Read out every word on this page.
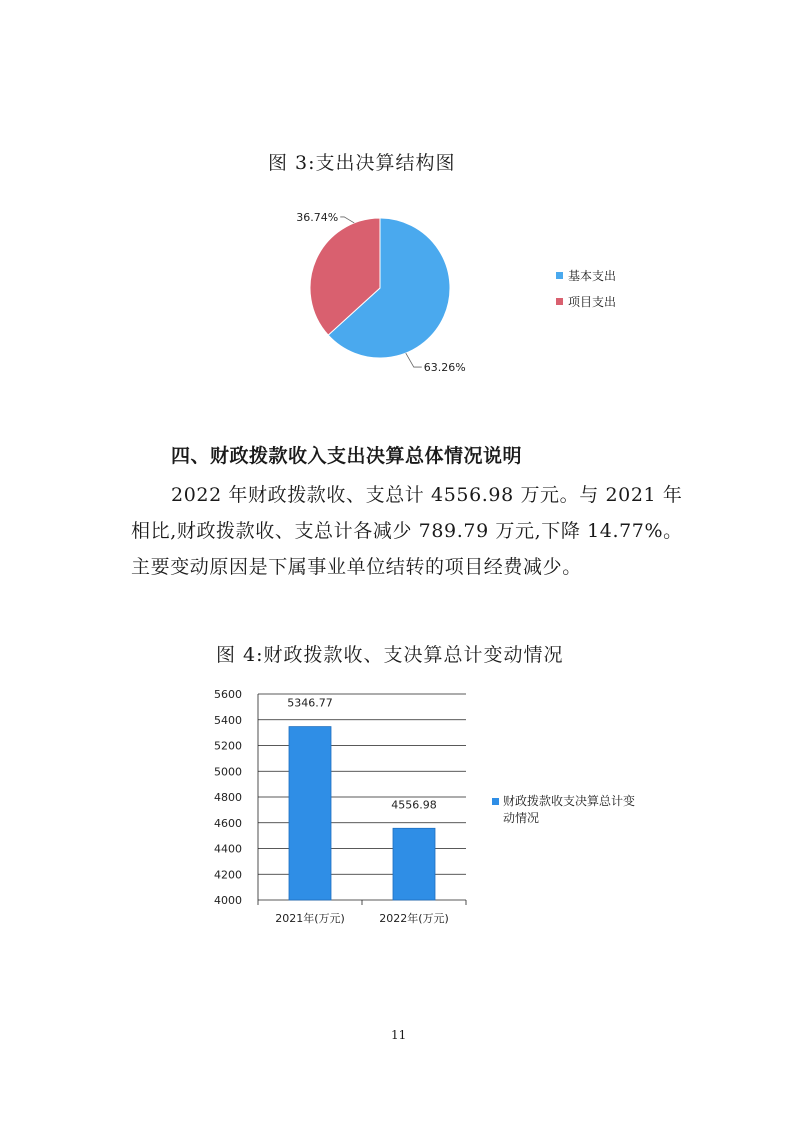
图 3:支出决算结构图
63.26%
36.74%
基本支出
项目支出
四、财政拨款收入支出决算总体情况说明
2022 年财政拨款收、支总计 4556.98 万元。与 2021 年
相比,财政拨款收、支总计各减少 789.79 万元,下降 14.77%。
主要变动原因是下属事业单位结转的项目经费减少。
图 4:财政拨款收、支决算总计变动情况
4000
4200
4400
4600
4800
5000
5200
5400
5600
5346.77
2021年(万元)
4556.98
2022年(万元)
财政拨款收支决算总计变动情况
11
